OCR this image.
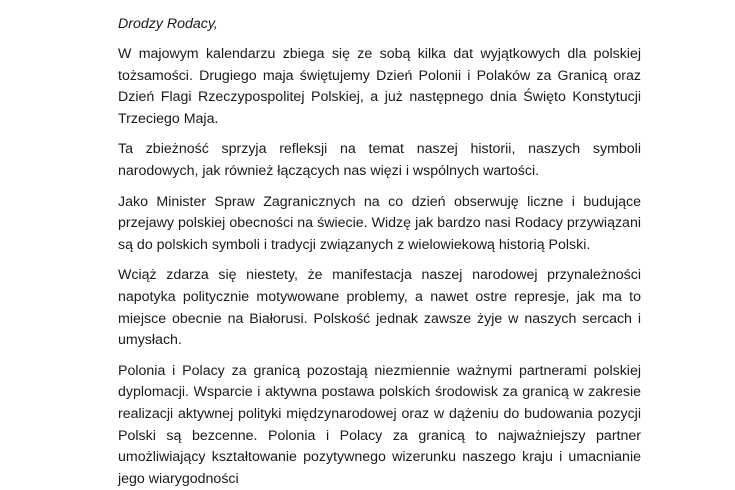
Drodzy Rodacy,

W majowym kalendarzu zbiega się ze sobą kilka dat wyjątkowych dla polskiej tożsamości. Drugiego maja świętujemy Dzień Polonii i Polaków za Granicą oraz Dzień Flagi Rzeczypospolitej Polskiej, a już następnego dnia Święto Konstytucji Trzeciego Maja.

Ta zbieżność sprzyja refleksji na temat naszej historii, naszych symboli narodowych, jak również łączących nas więzi i wspólnych wartości.

Jako Minister Spraw Zagranicznych na co dzień obserwuję liczne i budujące przejawy polskiej obecności na świecie. Widzę jak bardzo nasi Rodacy przywiązani są do polskich symboli i tradycji związanych z wielowiekową historią Polski.

Wciąż zdarza się niestety, że manifestacja naszej narodowej przynależności napotyka politycznie motywowane problemy, a nawet ostre represje, jak ma to miejsce obecnie na Białorusi. Polskość jednak zawsze żyje w naszych sercach i umysłach.

Polonia i Polacy za granicą pozostają niezmiennie ważnymi partnerami polskiej dyplomacji. Wsparcie i aktywna postawa polskich środowisk za granicą w zakresie realizacji aktywnej polityki międzynarodowej oraz w dążeniu do budowania pozycji Polski są bezcenne. Polonia i Polacy za granicą to najważniejszy partner umożliwiający kształtowanie pozytywnego wizerunku naszego kraju i umacnianie jego wiarygodności
